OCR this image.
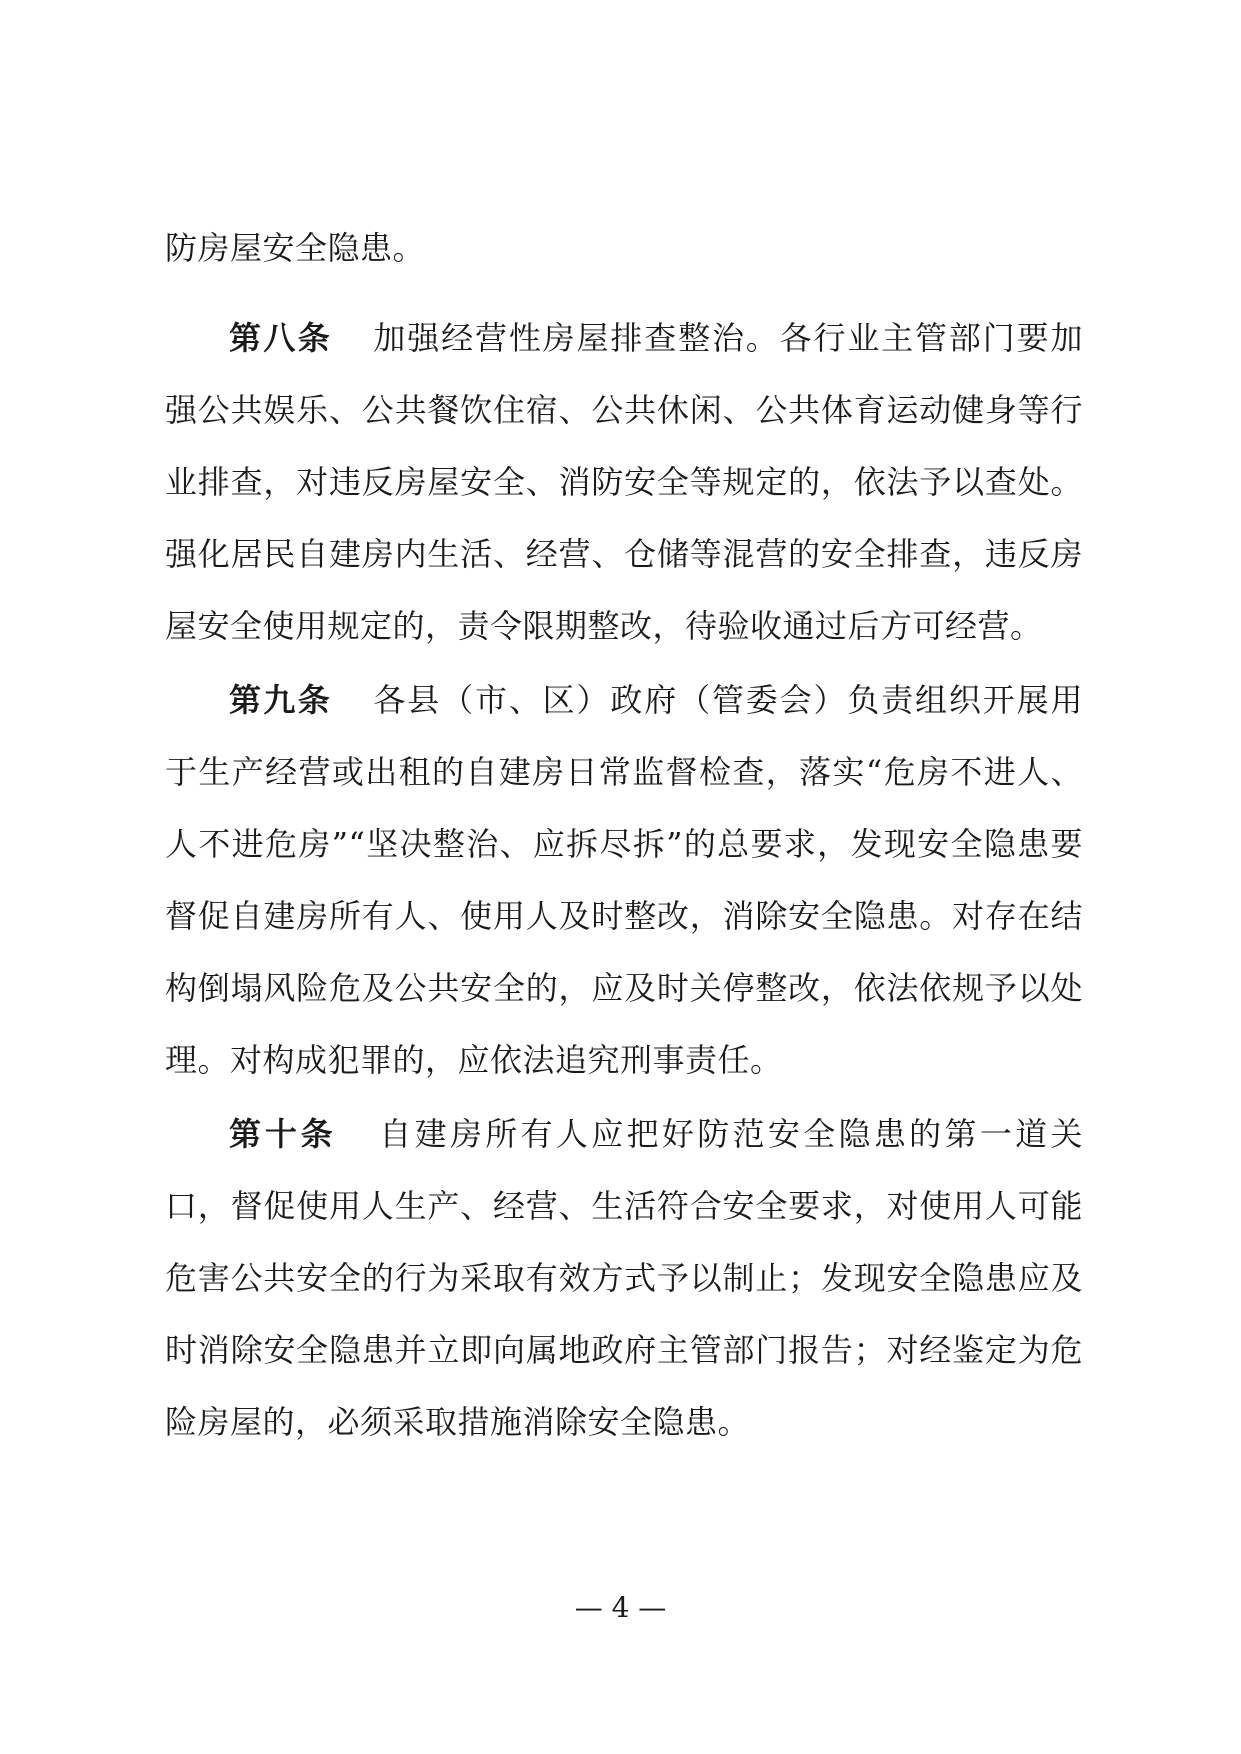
防房屋安全隐患。

第八条 加强经营性房屋排查整治。各行业主管部门要加强公共娱乐、公共餐饮住宿、公共休闲、公共体育运动健身等行业排查，对违反房屋安全、消防安全等规定的，依法予以查处。强化居民自建房内生活、经营、仓储等混营的安全排查，违反房屋安全使用规定的，责令限期整改，待验收通过后方可经营。

第九条 各县（市、区）政府（管委会）负责组织开展用于生产经营或出租的自建房日常监督检查，落实“危房不进人、人不进危房”“坚决整治、应拆尽拆”的总要求，发现安全隐患要督促自建房所有人、使用人及时整改，消除安全隐患。对存在结构倒塌风险危及公共安全的，应及时关停整改，依法依规予以处理。对构成犯罪的，应依法追究刑事责任。

第十条 自建房所有人应把好防范安全隐患的第一道关口，督促使用人生产、经营、生活符合安全要求，对使用人可能危害公共安全的行为采取有效方式予以制止；发现安全隐患应及时消除安全隐患并立即向属地政府主管部门报告；对经鉴定为危险房屋的，必须采取措施消除安全隐患。

— 4 —
